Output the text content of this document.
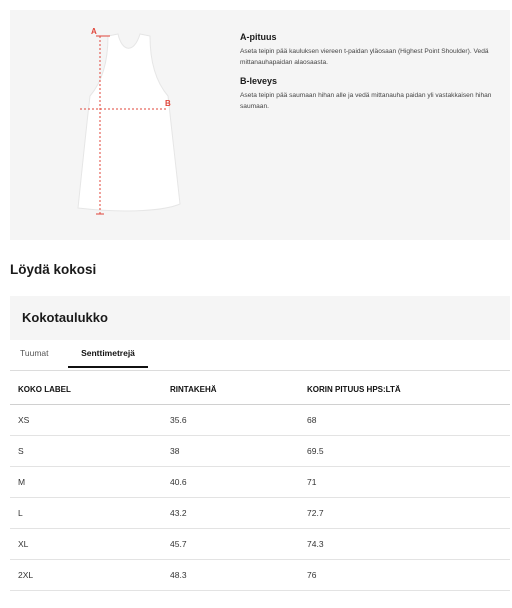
A
B

A-pituus

Aseta teipin pää kauluksen viereen t-paidan yläosaan (Highest Point Shoulder). Vedä mittanauhapaidan alaosaasta.

B-leveys

Aseta teipin pää saumaan hihan alle ja vedä mittanauha paidan yli vastakkaisen hihan saumaan.

Löydä kokosi
Kokotaulukko
Tuumat	Senttimetrejä
KOKO LABEL	RINTAKEHÄ	KORIN PITUUS HPS:LTÄ
XS	35.6	68
S	38	69.5
M	40.6	71
L	43.2	72.7
XL	45.7	74.3
2XL	48.3	76
